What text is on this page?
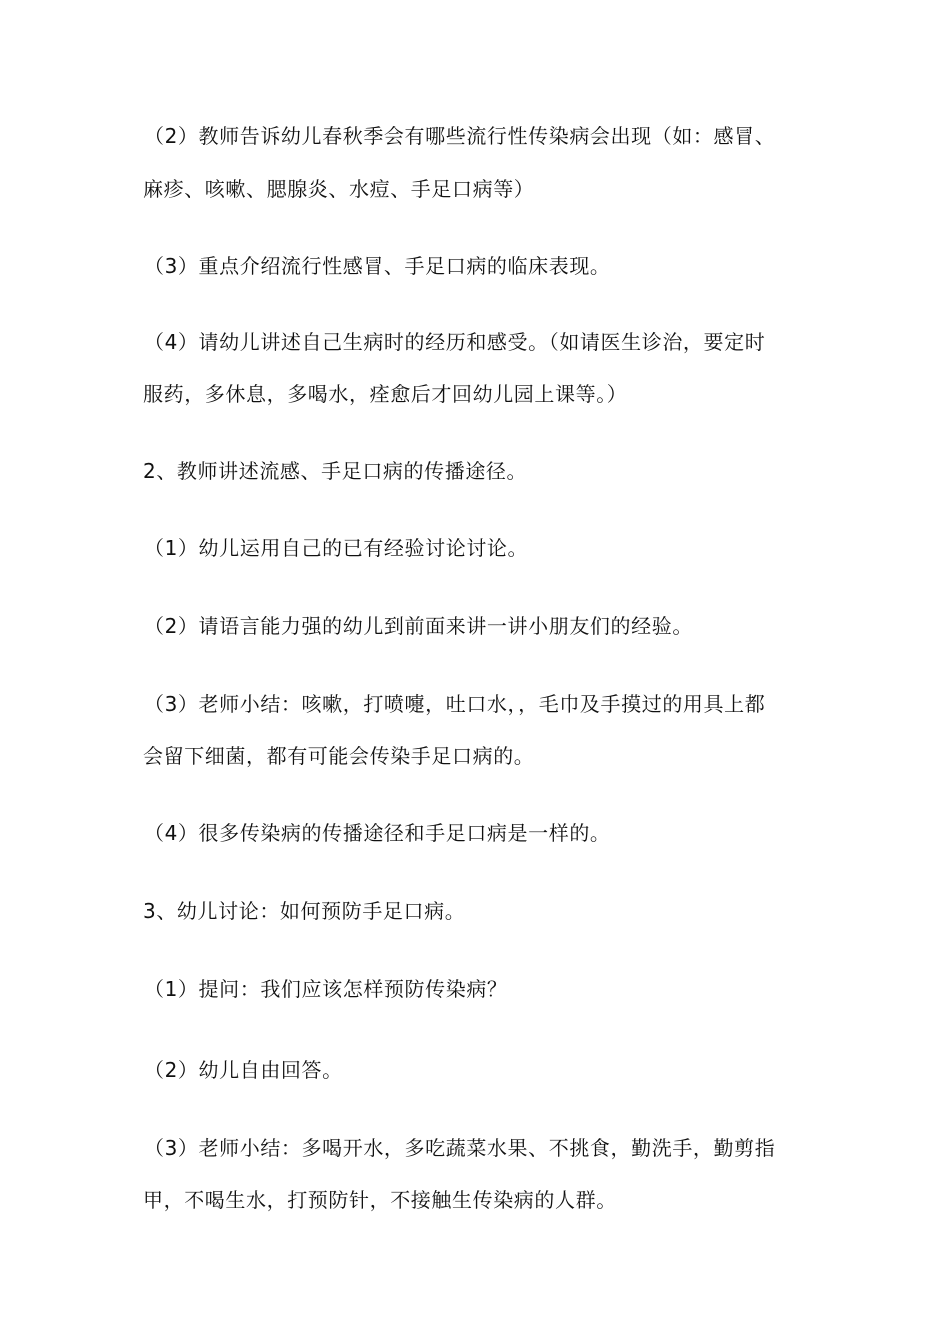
（2）教师告诉幼儿春秋季会有哪些流行性传染病会出现（如：感冒、
麻疹、咳嗽、腮腺炎、水痘、手足口病等）
（3）重点介绍流行性感冒、手足口病的临床表现。
（4）请幼儿讲述自己生病时的经历和感受。（如请医生诊治，要定时
服药，多休息，多喝水，痊愈后才回幼儿园上课等。）
2、教师讲述流感、手足口病的传播途径。
（1）幼儿运用自己的已有经验讨论讨论。
（2）请语言能力强的幼儿到前面来讲一讲小朋友们的经验。
（3）老师小结：咳嗽，打喷嚏，吐口水，，毛巾及手摸过的用具上都
会留下细菌，都有可能会传染手足口病的。
（4）很多传染病的传播途径和手足口病是一样的。
3、幼儿讨论：如何预防手足口病。
（1）提问：我们应该怎样预防传染病？
（2）幼儿自由回答。
（3）老师小结：多喝开水，多吃蔬菜水果、不挑食，勤洗手，勤剪指
甲，不喝生水，打预防针，不接触生传染病的人群。
